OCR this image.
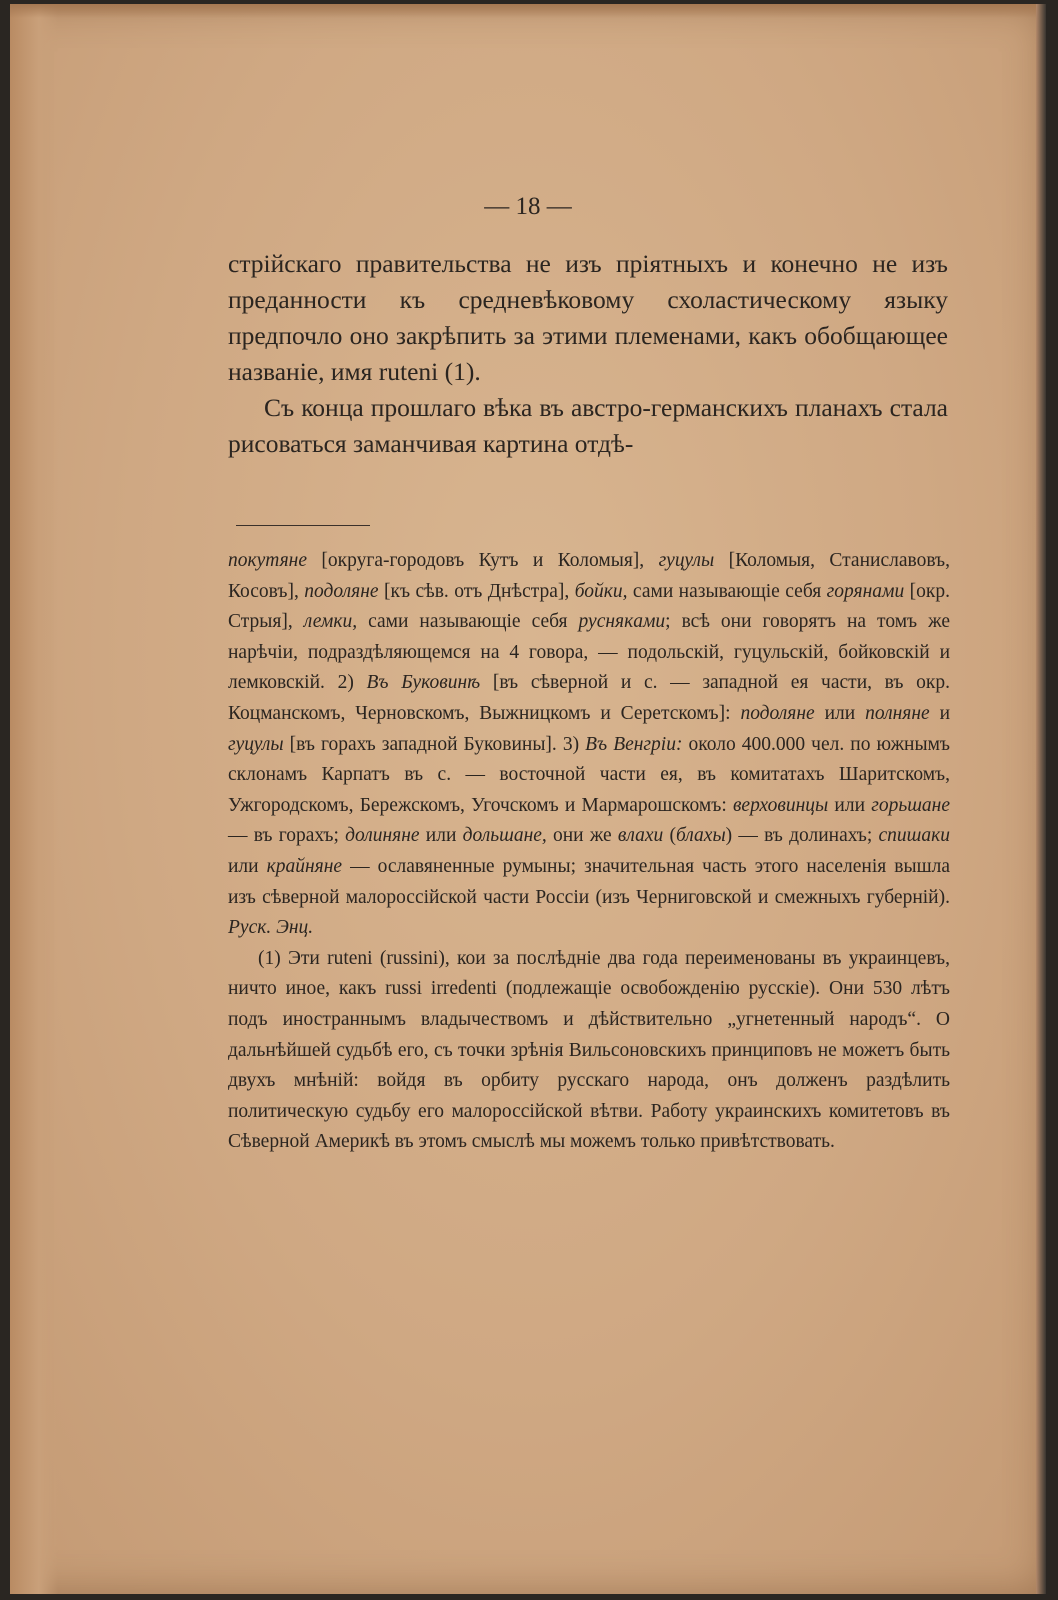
— 18 —

стрійскаго правительства не изъ пріятныхъ и конечно не изъ преданности къ средневѣковому схоластическому языку предпочло оно закрѣпить за этими племенами, какъ обобщающее названіе, имя ruteni (1).

Съ конца прошлаго вѣка въ австро-германскихъ планахъ стала рисоваться заманчивая картина отдѣ-

покутяне [округа-городовъ Кутъ и Коломыя], гуцулы [Коломыя, Станиславовъ, Косовъ], подоляне [къ сѣв. отъ Днѣстра], бойки, сами называющіе себя горянами [окр. Стрыя], лемки, сами называющіе себя руснякaми; всѣ они говорятъ на томъ же нарѣчіи, подраздѣляющемся на 4 говора, — подольскій, гуцульскій, бойковскій и лемковскій. 2) Въ Буковинѣ [въ сѣверной и с. — западной ея части, въ окр. Коцманскомъ, Черновскомъ, Выжницкомъ и Серетскомъ]: подоляне или полняне и гуцулы [въ горахъ западной Буковины]. 3) Въ Венгріи: около 400.000 чел. по южнымъ склонамъ Карпатъ въ с. — восточной части ея, въ комитатахъ Шаритскомъ, Ужгородскомъ, Бережскомъ, Угочскомъ и Мармарошскомъ: верховинцы или горьшане — въ горахъ; долиняне или дольшане, они же влахи (блахы) — въ долинахъ; спишаки или крайняне — ославяненные румыны; значительная часть этого населенія вышла изъ сѣверной малороссійской части Россіи (изъ Черниговской и смежныхъ губерній). Руск. Энц.

(1) Эти ruteni (russini), кои за послѣдніе два года переименованы въ украинцевъ, ничто иное, какъ russi irredenti (подлежащіе освобожденію русскіе). Они 530 лѣтъ подъ иностраннымъ владычествомъ и дѣйствительно „угнетенный народъ“. О дальнѣйшей судьбѣ его, съ точки зрѣнія Вильсоновскихъ принциповъ не можетъ быть двухъ мнѣній: войдя въ орбиту русскаго народа, онъ долженъ раздѣлить политическую судьбу его малороссійской вѣтви. Работу украинскихъ комитетовъ въ Сѣверной Америкѣ въ этомъ смыслѣ мы можемъ только привѣтствовать.
